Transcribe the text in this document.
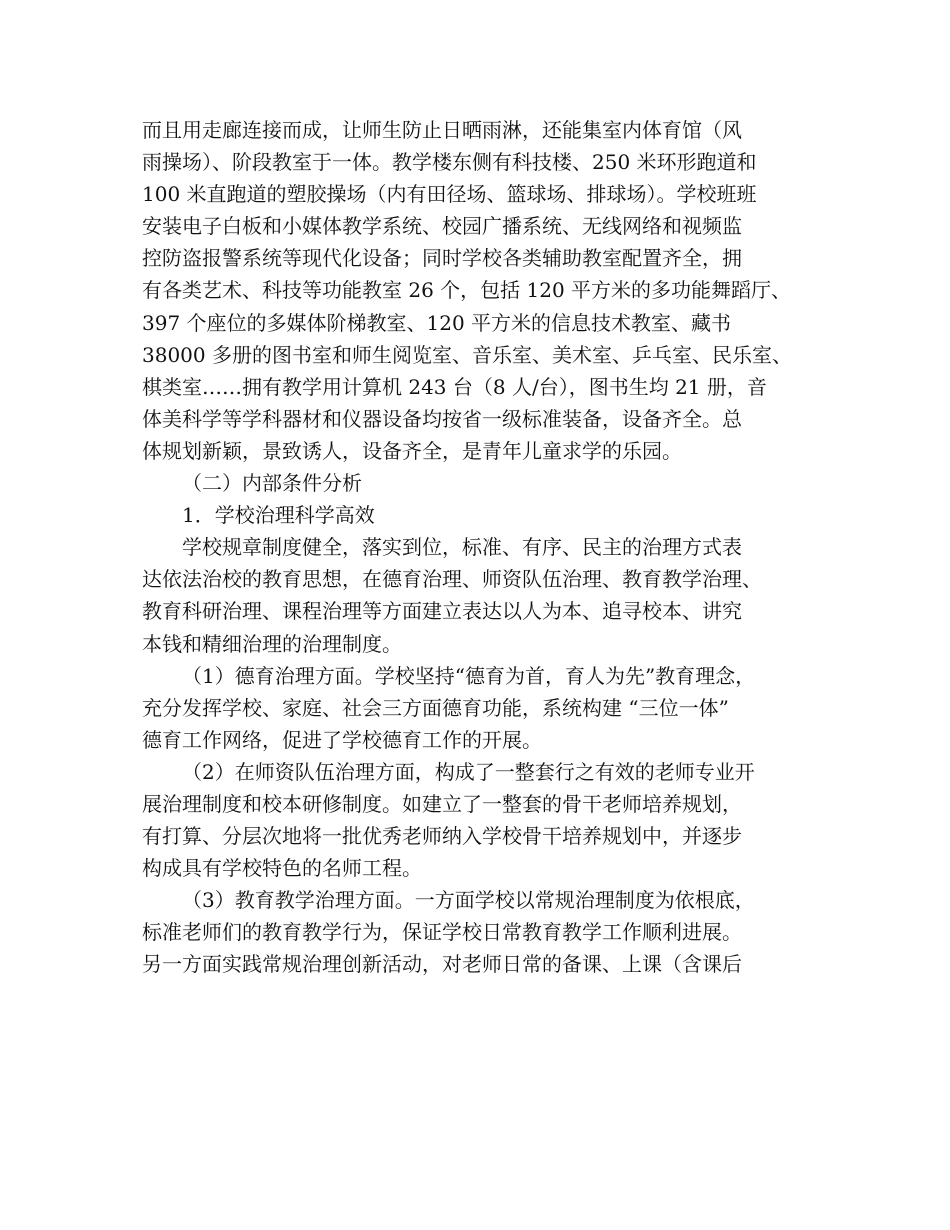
而且用走廊连接而成，让师生防止日晒雨淋，还能集室内体育馆（风

雨操场）、阶段教室于一体。教学楼东侧有科技楼、250 米环形跑道和

100 米直跑道的塑胶操场（内有田径场、篮球场、排球场）。学校班班

安装电子白板和小媒体教学系统、校园广播系统、无线网络和视频监

控防盗报警系统等现代化设备；同时学校各类辅助教室配置齐全，拥

有各类艺术、科技等功能教室 26 个，包括 120 平方米的多功能舞蹈厅、

397 个座位的多媒体阶梯教室、120 平方米的信息技术教室、藏书

38000 多册的图书室和师生阅览室、音乐室、美术室、乒乓室、民乐室、

棋类室……拥有教学用计算机 243 台（8 人/台），图书生均 21 册，音

体美科学等学科器材和仪器设备均按省一级标准装备，设备齐全。总

体规划新颖，景致诱人，设备齐全，是青年儿童求学的乐园。

（二）内部条件分析

1．学校治理科学高效

学校规章制度健全，落实到位，标准、有序、民主的治理方式表

达依法治校的教育思想，在德育治理、师资队伍治理、教育教学治理、

教育科研治理、课程治理等方面建立表达以人为本、追寻校本、讲究

本钱和精细治理的治理制度。

（1）德育治理方面。学校坚持“德育为首，育人为先”教育理念，

充分发挥学校、家庭、社会三方面德育功能，系统构建 “三位一体”

德育工作网络，促进了学校德育工作的开展。

（2）在师资队伍治理方面，构成了一整套行之有效的老师专业开

展治理制度和校本研修制度。如建立了一整套的骨干老师培养规划，

有打算、分层次地将一批优秀老师纳入学校骨干培养规划中，并逐步

构成具有学校特色的名师工程。

（3）教育教学治理方面。一方面学校以常规治理制度为依根底，

标准老师们的教育教学行为，保证学校日常教育教学工作顺利进展。

另一方面实践常规治理创新活动，对老师日常的备课、上课（含课后
